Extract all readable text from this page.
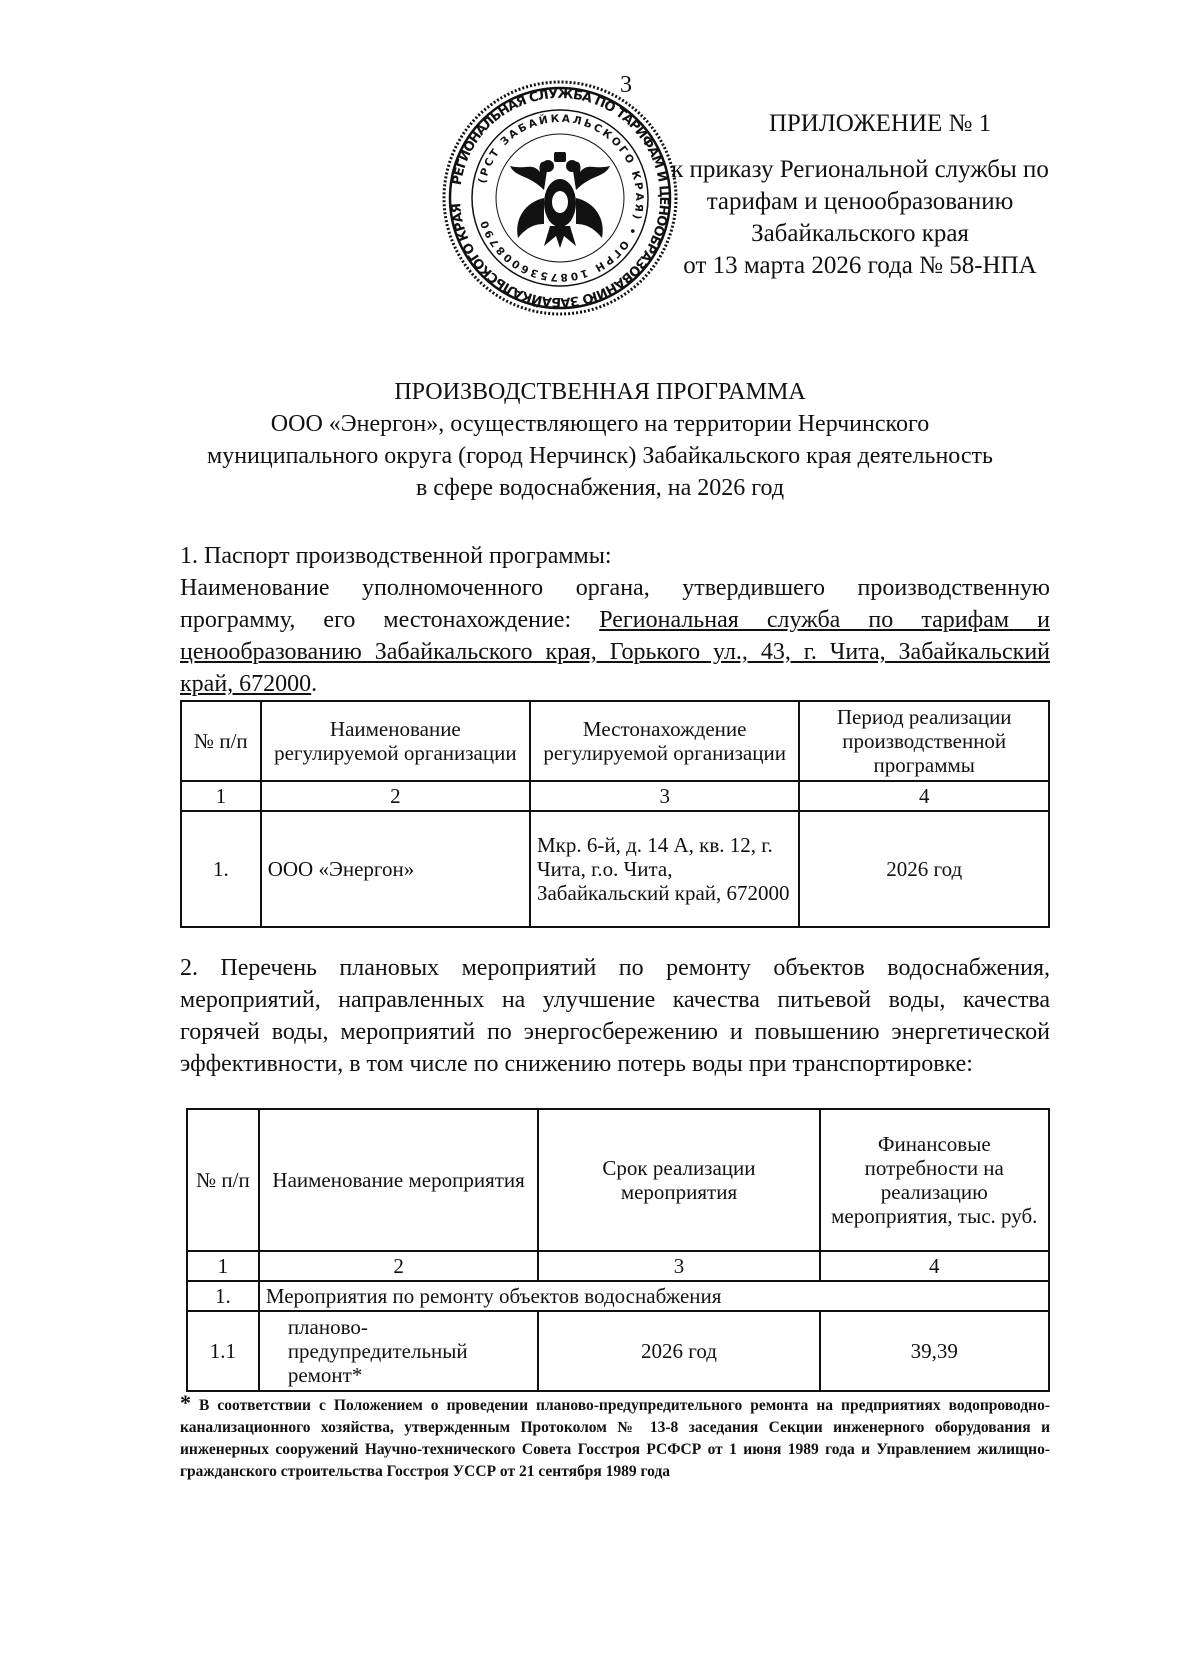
3
РЕГИОНАЛЬНАЯ СЛУЖБА ПО ТАРИФАМ И ЦЕНООБРАЗОВАНИЮ ЗАБАЙКАЛЬСКОГО КРАЯ
(РСТ ЗАБАЙКАЛЬСКОГО КРАЯ) • ОГРН 1087536008790
ПРИЛОЖЕНИЕ № 1
к приказу Региональной службы по
тарифам и ценообразованию
Забайкальского края
от 13 марта 2026 года № 58-НПА
ПРОИЗВОДСТВЕННАЯ ПРОГРАММА
ООО «Энергон», осуществляющего на территории Нерчинского
муниципального округа (город Нерчинск) Забайкальского края деятельность
в сфере водоснабжения, на 2026 год
1. Паспорт производственной программы:
Наименование уполномоченного органа, утвердившего производственную программу, его местонахождение: Региональная служба по тарифам и ценообразованию Забайкальского края, Горького ул., 43, г. Чита, Забайкальский край, 672000.
№ п/п	Наименование регулируемой организации	Местонахождение регулируемой организации	Период реализации производственной программы
1	2	3	4
1.	ООО «Энергон»	Мкр. 6-й, д. 14 А, кв. 12, г. Чита, г.о. Чита, Забайкальский край, 672000	2026 год
2. Перечень плановых мероприятий по ремонту объектов водоснабжения, мероприятий, направленных на улучшение качества питьевой воды, качества горячей воды, мероприятий по энергосбережению и повышению энергетической эффективности, в том числе по снижению потерь воды при транспортировке:
№ п/п	Наименование мероприятия	Срок реализации мероприятия	Финансовые потребности на реализацию мероприятия, тыс. руб.
1	2	3	4
1.	Мероприятия по ремонту объектов водоснабжения		
1.1	планово-предупредительный ремонт*	2026 год	39,39
* В соответствии с Положением о проведении планово-предупредительного ремонта на предприятиях водопроводно-канализационного хозяйства, утвержденным Протоколом № 13-8 заседания Секции инженерного оборудования и инженерных сооружений Научно-технического Совета Госстроя РСФСР от 1 июня 1989 года и Управлением жилищно-гражданского строительства Госстроя УССР от 21 сентября 1989 года
